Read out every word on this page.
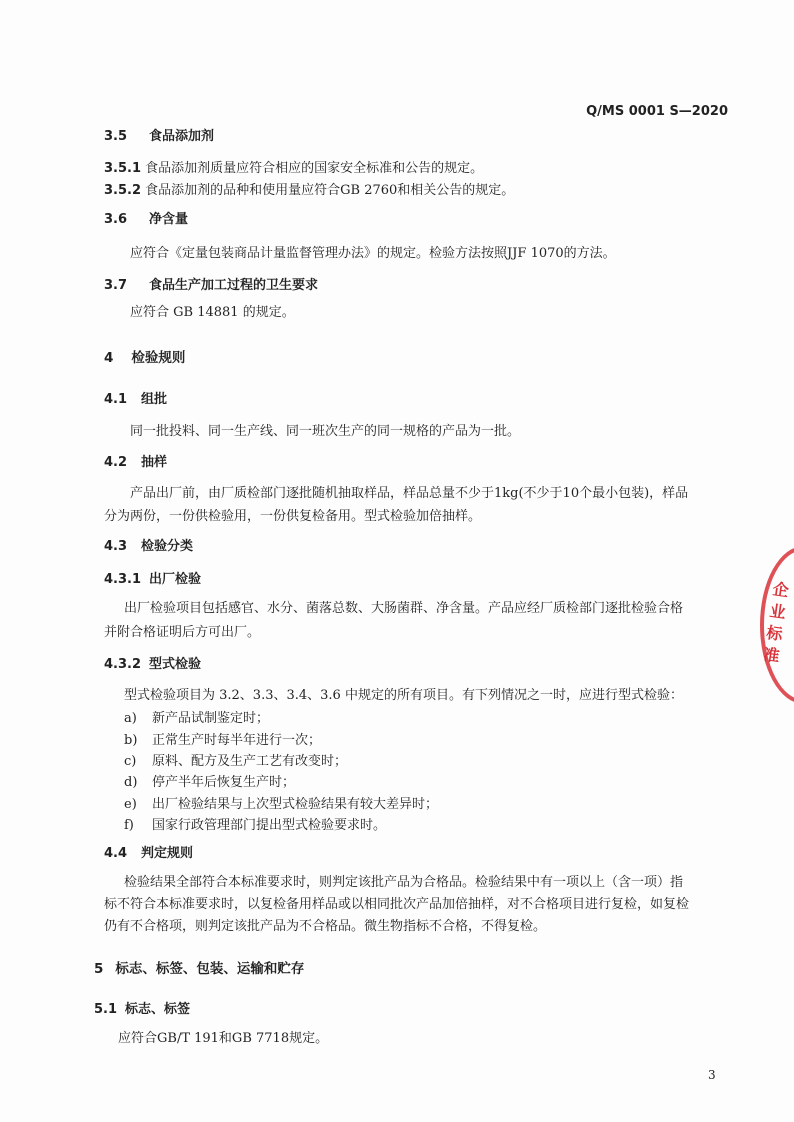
Q/MS 0001 S—2020
3.5 食品添加剂
3.5.1 食品添加剂质量应符合相应的国家安全标准和公告的规定。
3.5.2 食品添加剂的品种和使用量应符合GB 2760和相关公告的规定。
3.6 净含量
应符合《定量包装商品计量监督管理办法》的规定。检验方法按照JJF 1070的方法。
3.7 食品生产加工过程的卫生要求
应符合 GB 14881 的规定。
4 检验规则
4.1 组批
同一批投料、同一生产线、同一班次生产的同一规格的产品为一批。
4.2 抽样
产品出厂前，由厂质检部门逐批随机抽取样品，样品总量不少于1kg(不少于10个最小包装)，样品
分为两份，一份供检验用，一份供复检备用。型式检验加倍抽样。
4.3 检验分类
4.3.1 出厂检验
出厂检验项目包括感官、水分、菌落总数、大肠菌群、净含量。产品应经厂质检部门逐批检验合格
并附合格证明后方可出厂。
4.3.2 型式检验
型式检验项目为 3.2、3.3、3.4、3.6 中规定的所有项目。有下列情况之一时，应进行型式检验：
a) 新产品试制鉴定时；
b) 正常生产时每半年进行一次；
c) 原料、配方及生产工艺有改变时；
d) 停产半年后恢复生产时；
e) 出厂检验结果与上次型式检验结果有较大差异时；
f) 国家行政管理部门提出型式检验要求时。
4.4 判定规则
检验结果全部符合本标准要求时，则判定该批产品为合格品。检验结果中有一项以上（含一项）指
标不符合本标准要求时，以复检备用样品或以相同批次产品加倍抽样，对不合格项目进行复检，如复检
仍有不合格项，则判定该批产品为不合格品。微生物指标不合格，不得复检。
5 标志、标签、包装、运输和贮存
5.1 标志、标签
应符合GB/T 191和GB 7718规定。
企业标准
3
